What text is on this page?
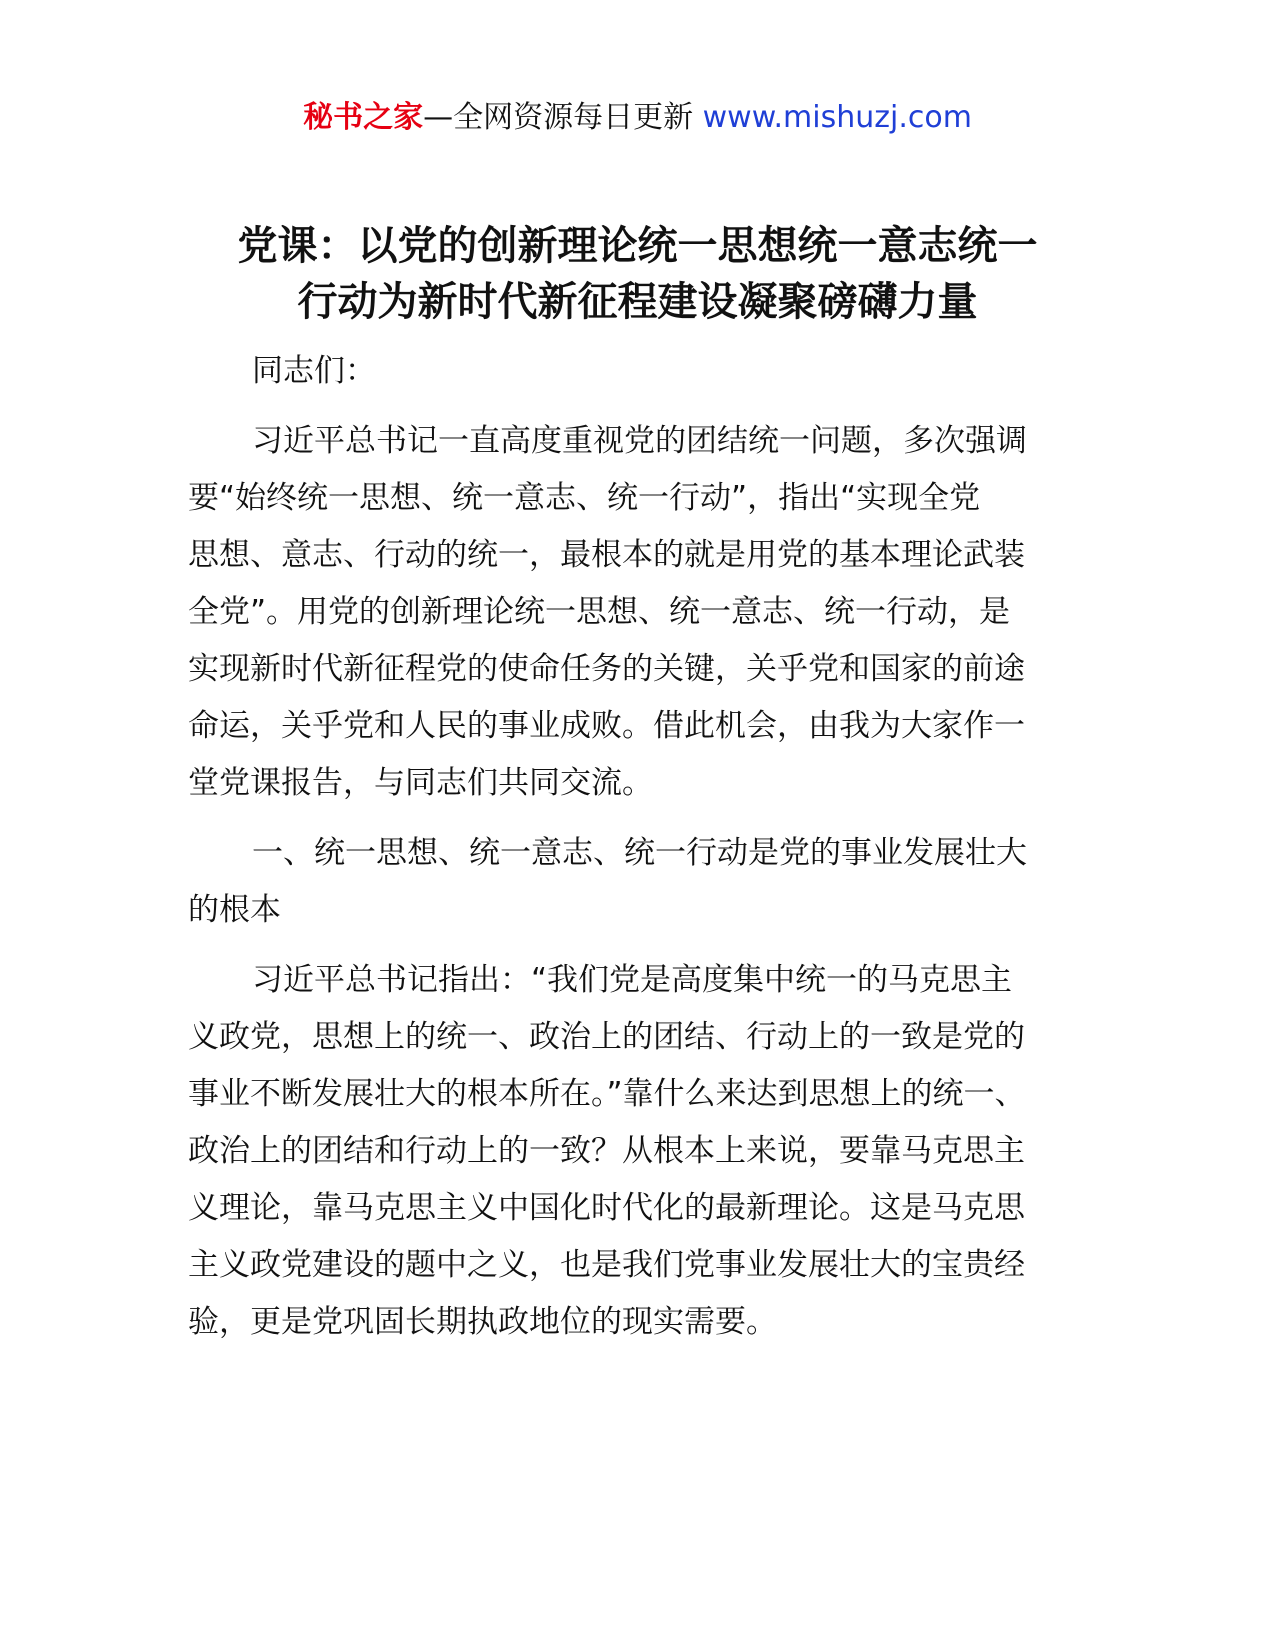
秘书之家—全网资源每日更新 www.mishuzj.com
党课：以党的创新理论统一思想统一意志统一
行动为新时代新征程建设凝聚磅礴力量
同志们：
习近平总书记一直高度重视党的团结统一问题，多次强调
要“始终统一思想、统一意志、统一行动”，指出“实现全党
思想、意志、行动的统一，最根本的就是用党的基本理论武装
全党”。用党的创新理论统一思想、统一意志、统一行动，是
实现新时代新征程党的使命任务的关键，关乎党和国家的前途
命运，关乎党和人民的事业成败。借此机会，由我为大家作一
堂党课报告，与同志们共同交流。
一、统一思想、统一意志、统一行动是党的事业发展壮大
的根本
习近平总书记指出：“我们党是高度集中统一的马克思主
义政党，思想上的统一、政治上的团结、行动上的一致是党的
事业不断发展壮大的根本所在。”靠什么来达到思想上的统一、
政治上的团结和行动上的一致？从根本上来说，要靠马克思主
义理论，靠马克思主义中国化时代化的最新理论。这是马克思
主义政党建设的题中之义，也是我们党事业发展壮大的宝贵经
验，更是党巩固长期执政地位的现实需要。
